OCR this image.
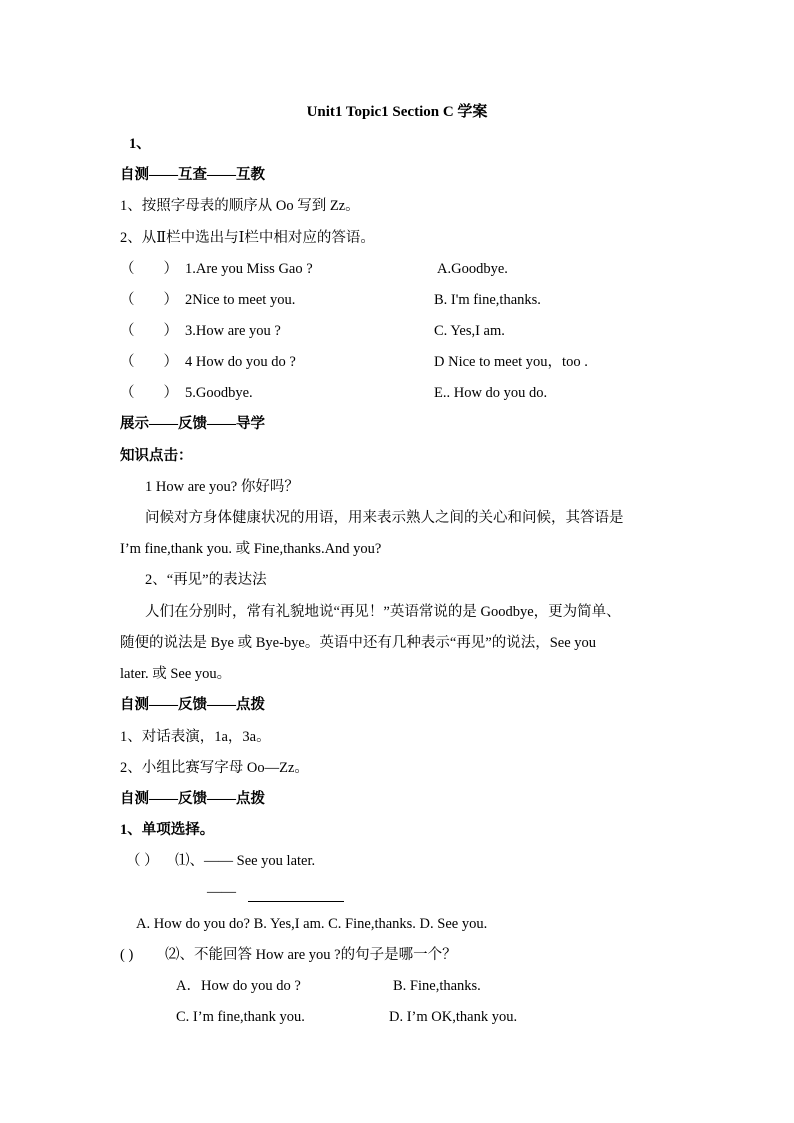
Unit1 Topic1 Section C 学案
1、
自测——互查——互教
1、按照字母表的顺序从 Oo 写到 Zz。
2、从Ⅱ栏中选出与Ⅰ栏中相对应的答语。
（　　） 1.Are you Miss Gao ?	A.Goodbye.
（　　） 2Nice to meet you.	B. I'm fine,thanks.
（　　） 3.How are you ?	C. Yes,I am.
（　　） 4 How do you do ?	D Nice to meet you，too .
（　　） 5.Goodbye.	E.. How do you do.
展示——反馈——导学
知识点击：
1 How are you? 你好吗？
问候对方身体健康状况的用语，用来表示熟人之间的关心和问候，其答语是
I’m fine,thank you. 或 Fine,thanks.And you?
2、“再见”的表达法
人们在分别时，常有礼貌地说“再见！”英语常说的是 Goodbye，更为简单、
随便的说法是 Bye 或 Bye-bye。英语中还有几种表示“再见”的说法，See you
later. 或 See you。
自测——反馈——点拨
1、对话表演，1a，3a。
2、小组比赛写字母 Oo—Zz。
自测——反馈——点拨
1、单项选择。
（ ） ⑴、—— See you later.
——
A. How do you do? B. Yes,I am. C. Fine,thanks. D. See you.
( ) ⑵、不能回答 How are you ?的句子是哪一个？
A．How do you do ?	B. Fine,thanks.
C. I’m fine,thank you.	D. I’m OK,thank you.
